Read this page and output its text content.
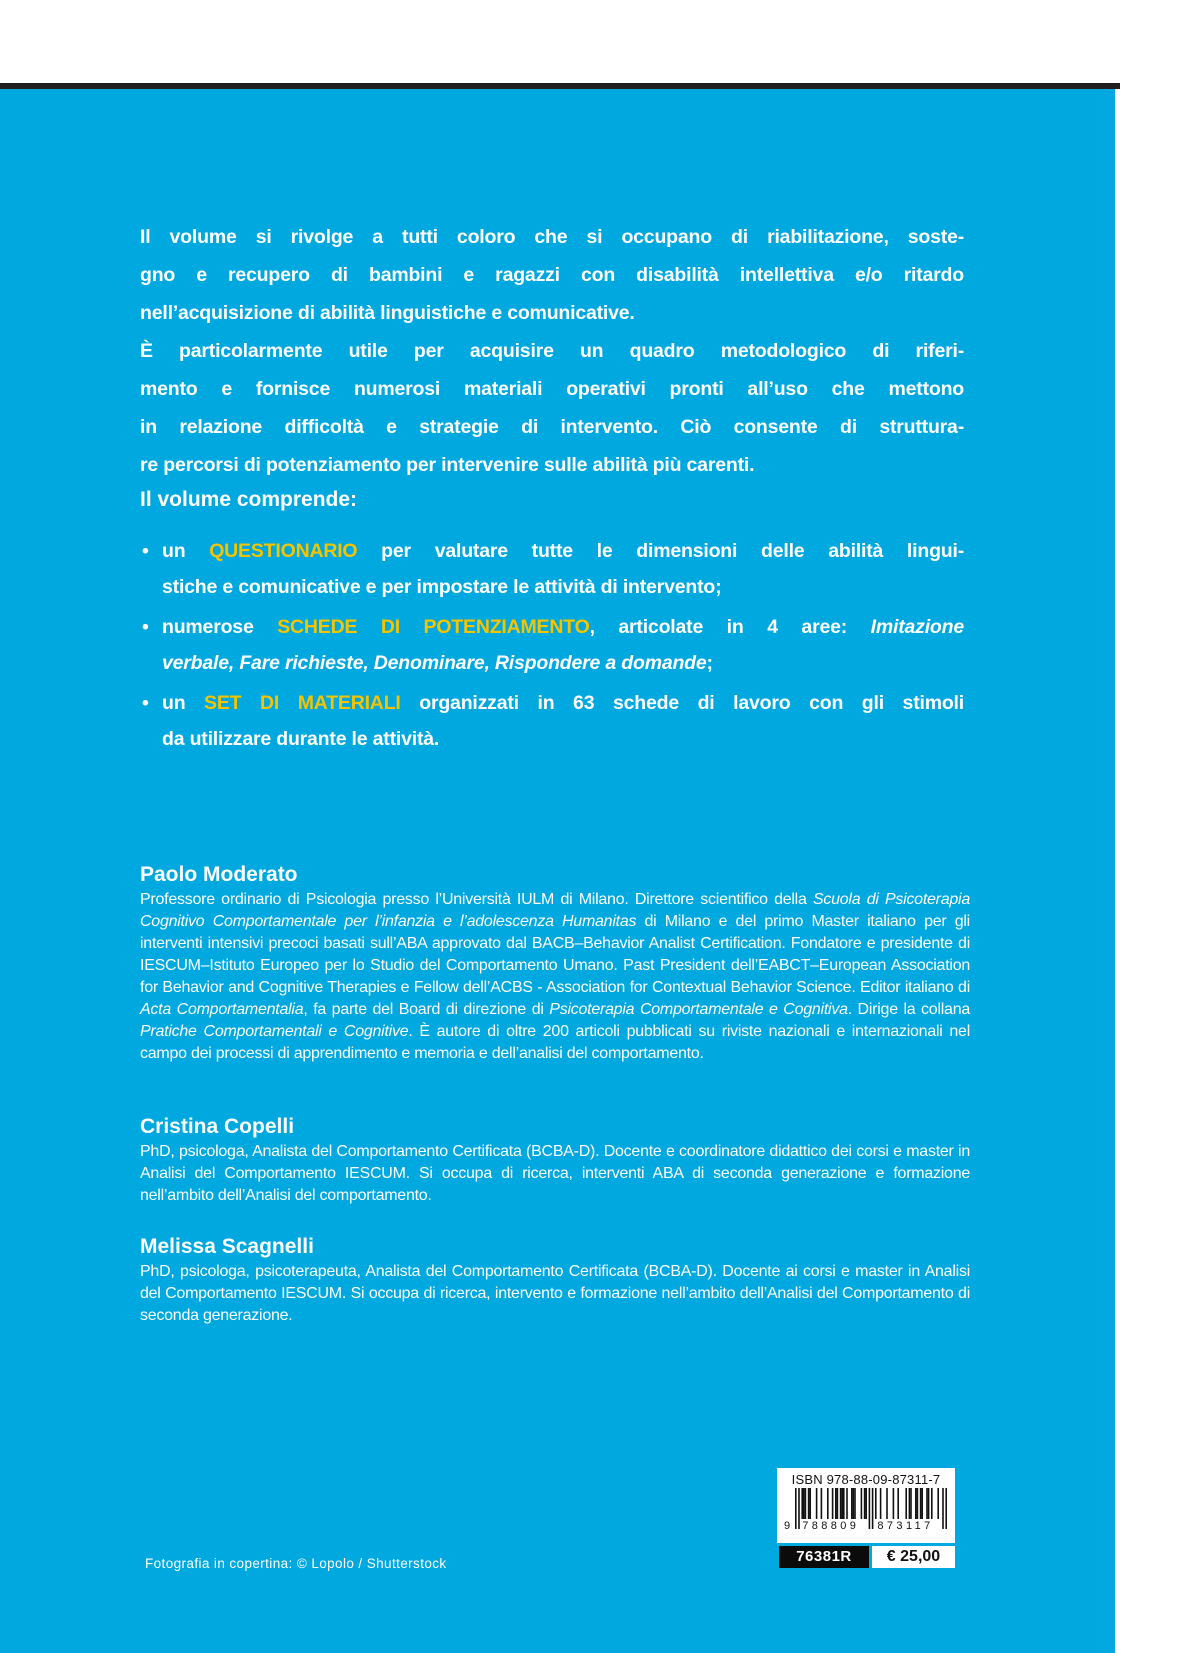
Il volume si rivolge a tutti coloro che si occupano di riabilitazione, soste-
gno e recupero di bambini e ragazzi con disabilità intellettiva e/o ritardo
nell’acquisizione di abilità linguistiche e comunicative.
È particolarmente utile per acquisire un quadro metodologico di riferi-
mento e fornisce numerosi materiali operativi pronti all’uso che mettono
in relazione difficoltà e strategie di intervento. Ciò consente di struttura-
re percorsi di potenziamento per intervenire sulle abilità più carenti.
Il volume comprende:
• un QUESTIONARIO per valutare tutte le dimensioni delle abilità lingui-
stiche e comunicative e per impostare le attività di intervento;
• numerose SCHEDE DI POTENZIAMENTO, articolate in 4 aree: Imitazione
verbale, Fare richieste, Denominare, Rispondere a domande;
• un SET DI MATERIALI organizzati in 63 schede di lavoro con gli stimoli
da utilizzare durante le attività.
Paolo Moderato
Professore ordinario di Psicologia presso l’Università IULM di Milano. Direttore scientifico della Scuola di Psicoterapia Cognitivo Comportamentale per l’infanzia e l’adolescenza Humanitas di Milano e del primo Master italiano per gli interventi intensivi precoci basati sull’ABA approvato dal BACB–Behavior Analist Certification. Fondatore e presidente di IESCUM–Istituto Europeo per lo Studio del Comportamento Umano. Past President dell’EABCT–European Association for Behavior and Cognitive Therapies e Fellow dell’ACBS - Association for Contextual Behavior Science. Editor italiano di Acta Comportamentalia, fa parte del Board di direzione di Psicoterapia Comportamentale e Cognitiva. Dirige la collana Pratiche Comportamentali e Cognitive. È autore di oltre 200 articoli pubblicati su riviste nazionali e internazionali nel campo dei processi di apprendimento e memoria e dell’analisi del comportamento.
Cristina Copelli
PhD, psicologa, Analista del Comportamento Certificata (BCBA-D). Docente e coordinatore didattico dei corsi e master in Analisi del Comportamento IESCUM. Si occupa di ricerca, interventi ABA di seconda generazione e formazione nell’ambito dell’Analisi del comportamento.
Melissa Scagnelli
PhD, psicologa, psicoterapeuta, Analista del Comportamento Certificata (BCBA-D). Docente ai corsi e master in Analisi del Comportamento IESCUM. Si occupa di ricerca, intervento e formazione nell’ambito dell’Analisi del Comportamento di seconda generazione.
Fotografia in copertina: © Lopolo / Shutterstock
ISBN 978-88-09-87311-7
9 788809 873117
76381R	€ 25,00
